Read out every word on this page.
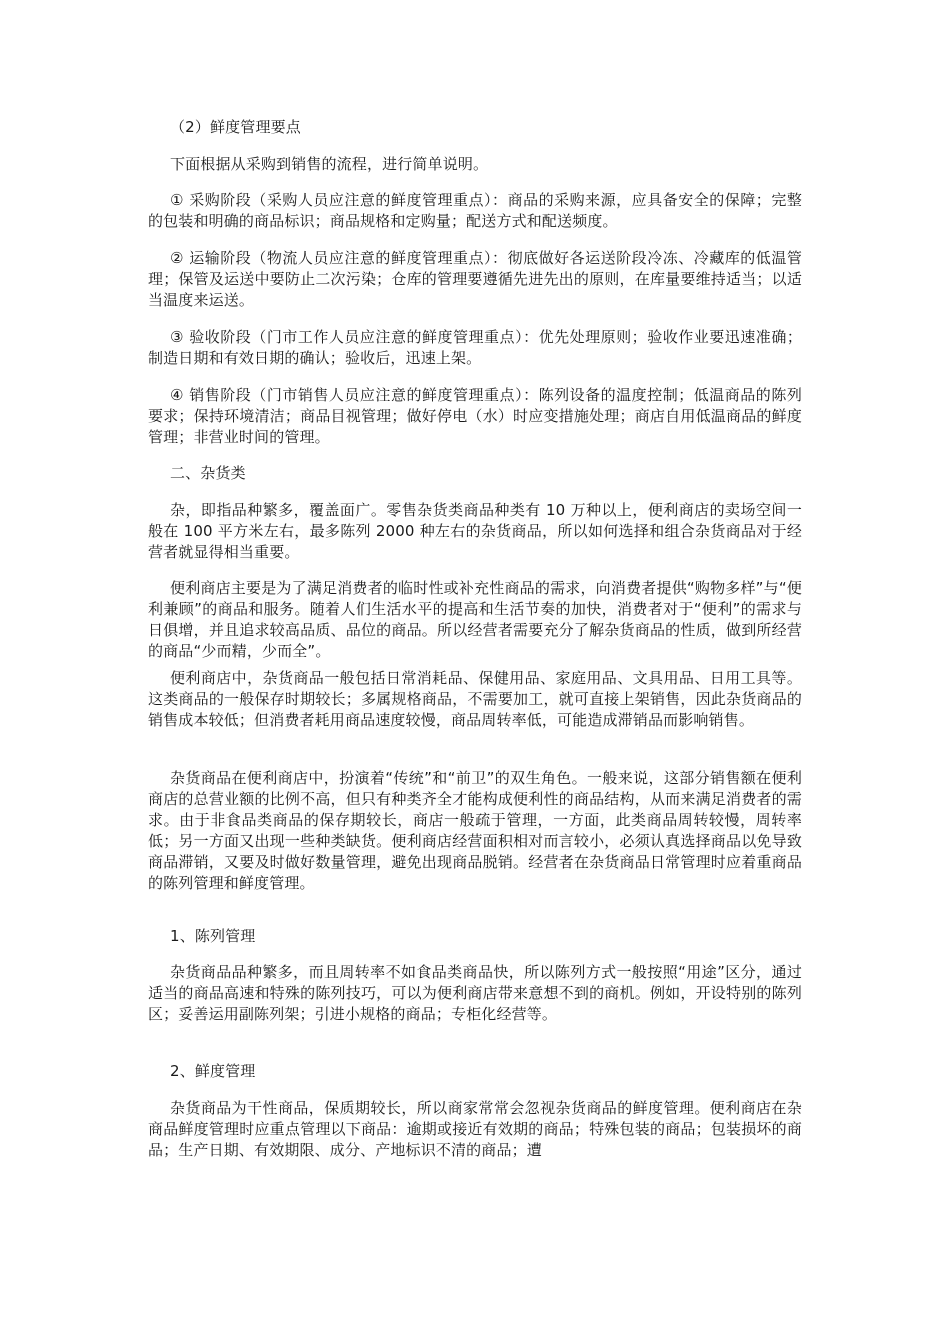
（2）鲜度管理要点

下面根据从采购到销售的流程，进行简单说明。

① 采购阶段（采购人员应注意的鲜度管理重点）：商品的采购来源，应具备安全的保障；完整的包装和明确的商品标识；商品规格和定购量；配送方式和配送频度。

② 运输阶段（物流人员应注意的鲜度管理重点）：彻底做好各运送阶段冷冻、冷藏库的低温管理；保管及运送中要防止二次污染；仓库的管理要遵循先进先出的原则，在库量要维持适当；以适当温度来运送。

③ 验收阶段（门市工作人员应注意的鲜度管理重点）：优先处理原则；验收作业要迅速准确；制造日期和有效日期的确认；验收后，迅速上架。

④ 销售阶段（门市销售人员应注意的鲜度管理重点）：陈列设备的温度控制；低温商品的陈列要求；保持环境清洁；商品目视管理；做好停电（水）时应变措施处理；商店自用低温商品的鲜度管理；非营业时间的管理。

二、杂货类

杂，即指品种繁多，覆盖面广。零售杂货类商品种类有 10 万种以上，便利商店的卖场空间一般在 100 平方米左右，最多陈列 2000 种左右的杂货商品，所以如何选择和组合杂货商品对于经营者就显得相当重要。

便利商店主要是为了满足消费者的临时性或补充性商品的需求，向消费者提供“购物多样”与“便利兼顾”的商品和服务。随着人们生活水平的提高和生活节奏的加快，消费者对于“便利”的需求与日俱增，并且追求较高品质、品位的商品。所以经营者需要充分了解杂货商品的性质，做到所经营的商品“少而精，少而全”。

便利商店中，杂货商品一般包括日常消耗品、保健用品、家庭用品、文具用品、日用工具等。这类商品的一般保存时期较长；多属规格商品，不需要加工，就可直接上架销售，因此杂货商品的销售成本较低；但消费者耗用商品速度较慢，商品周转率低，可能造成滞销品而影响销售。

杂货商品在便利商店中，扮演着“传统”和“前卫”的双生角色。一般来说，这部分销售额在便利商店的总营业额的比例不高，但只有种类齐全才能构成便利性的商品结构，从而来满足消费者的需求。由于非食品类商品的保存期较长，商店一般疏于管理，一方面，此类商品周转较慢，周转率低；另一方面又出现一些种类缺货。便利商店经营面积相对而言较小，必须认真选择商品以免导致商品滞销，又要及时做好数量管理，避免出现商品脱销。经营者在杂货商品日常管理时应着重商品的陈列管理和鲜度管理。

1、陈列管理

杂货商品品种繁多，而且周转率不如食品类商品快，所以陈列方式一般按照“用途”区分，通过适当的商品高速和特殊的陈列技巧，可以为便利商店带来意想不到的商机。例如，开设特别的陈列区；妥善运用副陈列架；引进小规格的商品；专柜化经营等。

2、鲜度管理

杂货商品为干性商品，保质期较长，所以商家常常会忽视杂货商品的鲜度管理。便利商店在杂商品鲜度管理时应重点管理以下商品：逾期或接近有效期的商品；特殊包装的商品；包装损坏的商品；生产日期、有效期限、成分、产地标识不清的商品；遭
